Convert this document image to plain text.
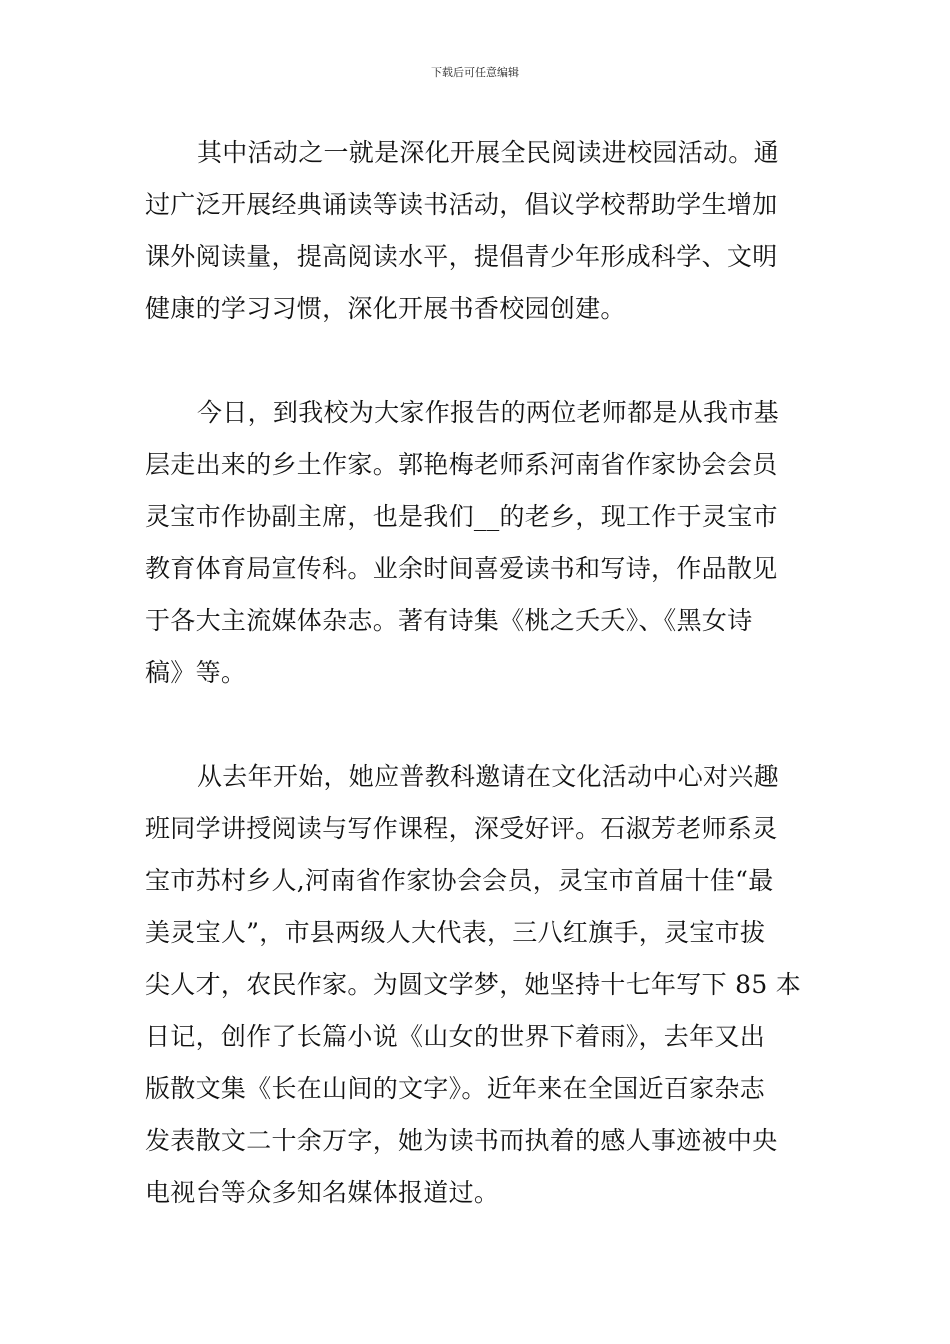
下载后可任意编辑
其中活动之一就是深化开展全民阅读进校园活动。通
过广泛开展经典诵读等读书活动，倡议学校帮助学生增加
课外阅读量，提高阅读水平，提倡青少年形成科学、文明
健康的学习习惯，深化开展书香校园创建。
今日，到我校为大家作报告的两位老师都是从我市基
层走出来的乡土作家。郭艳梅老师系河南省作家协会会员
灵宝市作协副主席，也是我们__的老乡，现工作于灵宝市
教育体育局宣传科。业余时间喜爱读书和写诗，作品散见
于各大主流媒体杂志。著有诗集《桃之夭夭》、《黑女诗
稿》等。
从去年开始，她应普教科邀请在文化活动中心对兴趣
班同学讲授阅读与写作课程，深受好评。石淑芳老师系灵
宝市苏村乡人,河南省作家协会会员，灵宝市首届十佳“最
美灵宝人”，市县两级人大代表，三八红旗手，灵宝市拔
尖人才，农民作家。为圆文学梦，她坚持十七年写下 85 本
日记，创作了长篇小说《山女的世界下着雨》，去年又出
版散文集《长在山间的文字》。近年来在全国近百家杂志
发表散文二十余万字，她为读书而执着的感人事迹被中央
电视台等众多知名媒体报道过。
